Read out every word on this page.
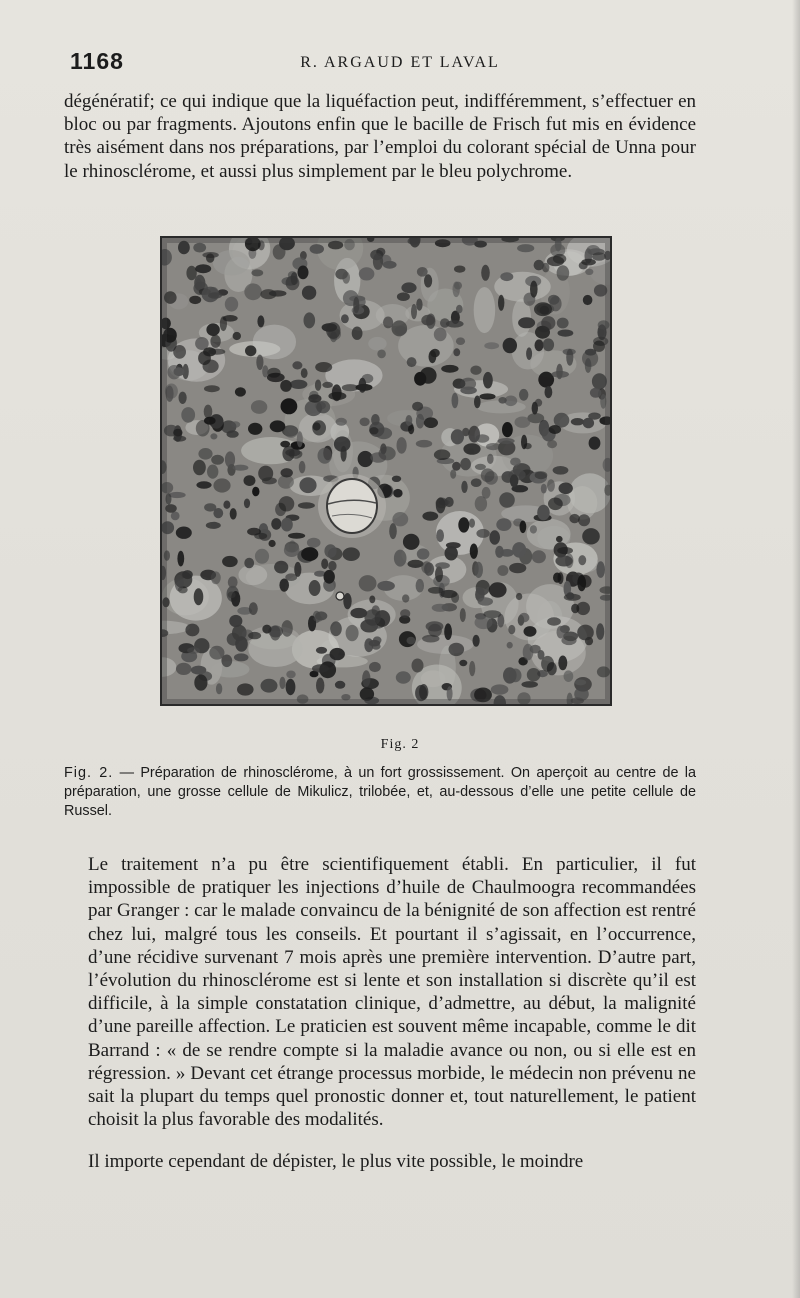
1168	R. ARGAUD ET LAVAL
dégénératif; ce qui indique que la liquéfaction peut, indifféremment, s’effectuer en bloc ou par fragments. Ajoutons enfin que le bacille de Frisch fut mis en évidence très aisément dans nos préparations, par l’emploi du colorant spécial de Unna pour le rhinosclérome, et aussi plus simplement par le bleu polychrome.
Fig. 2
Fig. 2. — Préparation de rhinosclérome, à un fort grossissement. On aperçoit au centre de la préparation, une grosse cellule de Mikulicz, trilobée, et, au-dessous d’elle une petite cellule de Russel.

Le traitement n’a pu être scientifiquement établi. En particulier, il fut impossible de pratiquer les injections d’huile de Chaulmoogra recommandées par Granger : car le malade convaincu de la bénignité de son affection est rentré chez lui, malgré tous les conseils. Et pourtant il s’agissait, en l’occurrence, d’une récidive survenant 7 mois après une première intervention. D’autre part, l’évolution du rhinosclérome est si lente et son installation si discrète qu’il est difficile, à la simple constatation clinique, d’admettre, au début, la malignité d’une pareille affection. Le praticien est souvent même incapable, comme le dit Barrand : « de se rendre compte si la maladie avance ou non, ou si elle est en régression. » Devant cet étrange processus morbide, le médecin non prévenu ne sait la plupart du temps quel pronostic donner et, tout naturellement, le patient choisit la plus favorable des modalités.

Il importe cependant de dépister, le plus vite possible, le moindre
